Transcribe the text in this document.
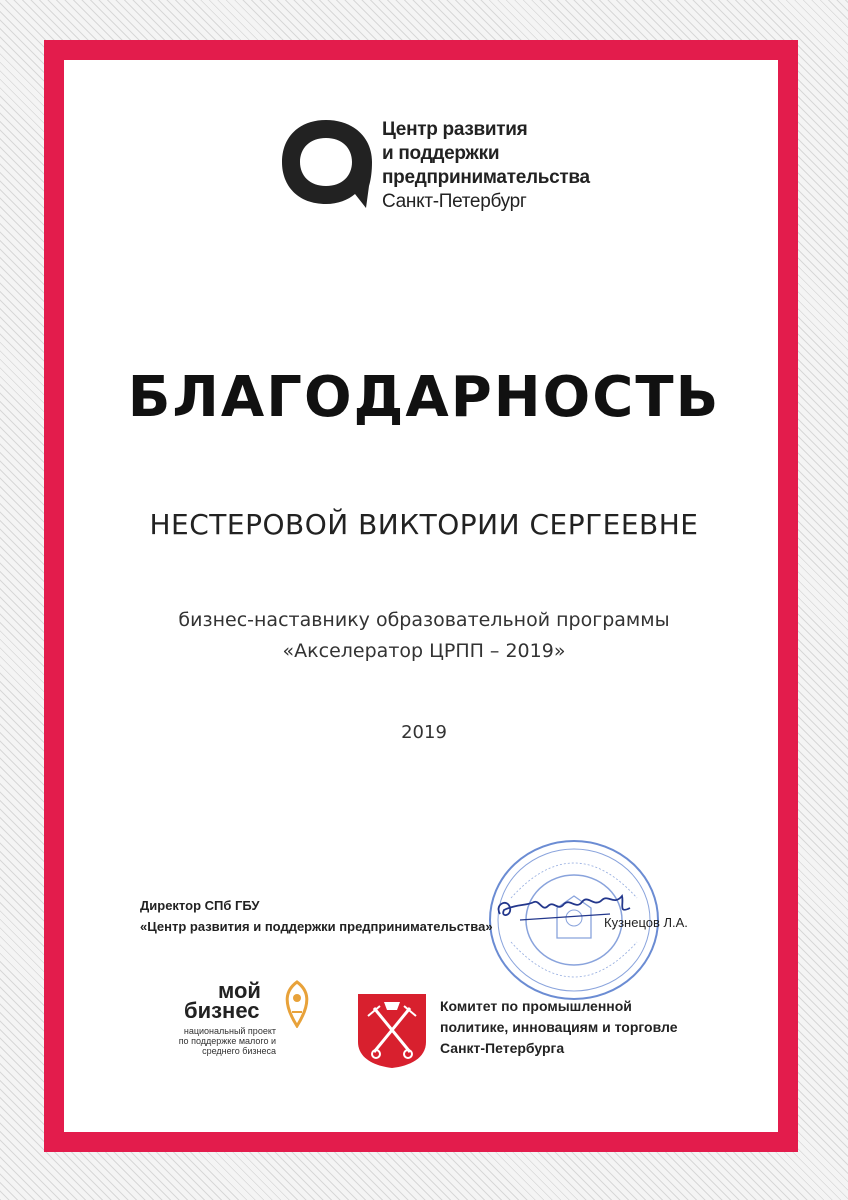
Центр развития
и поддержки
предпринимательства
Санкт-Петербург
БЛАГОДАРНОСТЬ
НЕСТЕРОВОЙ ВИКТОРИИ СЕРГЕЕВНЕ
бизнес-наставнику образовательной программы
«Акселератор ЦРПП – 2019»
2019
Директор СПб ГБУ
«Центр развития и поддержки предпринимательства»	Кузнецов Л.А.
мой
бизнес
национальный проект по поддержке малого и среднего бизнеса
Комитет по промышленной
политике, инновациям и торговле
Санкт-Петербурга
